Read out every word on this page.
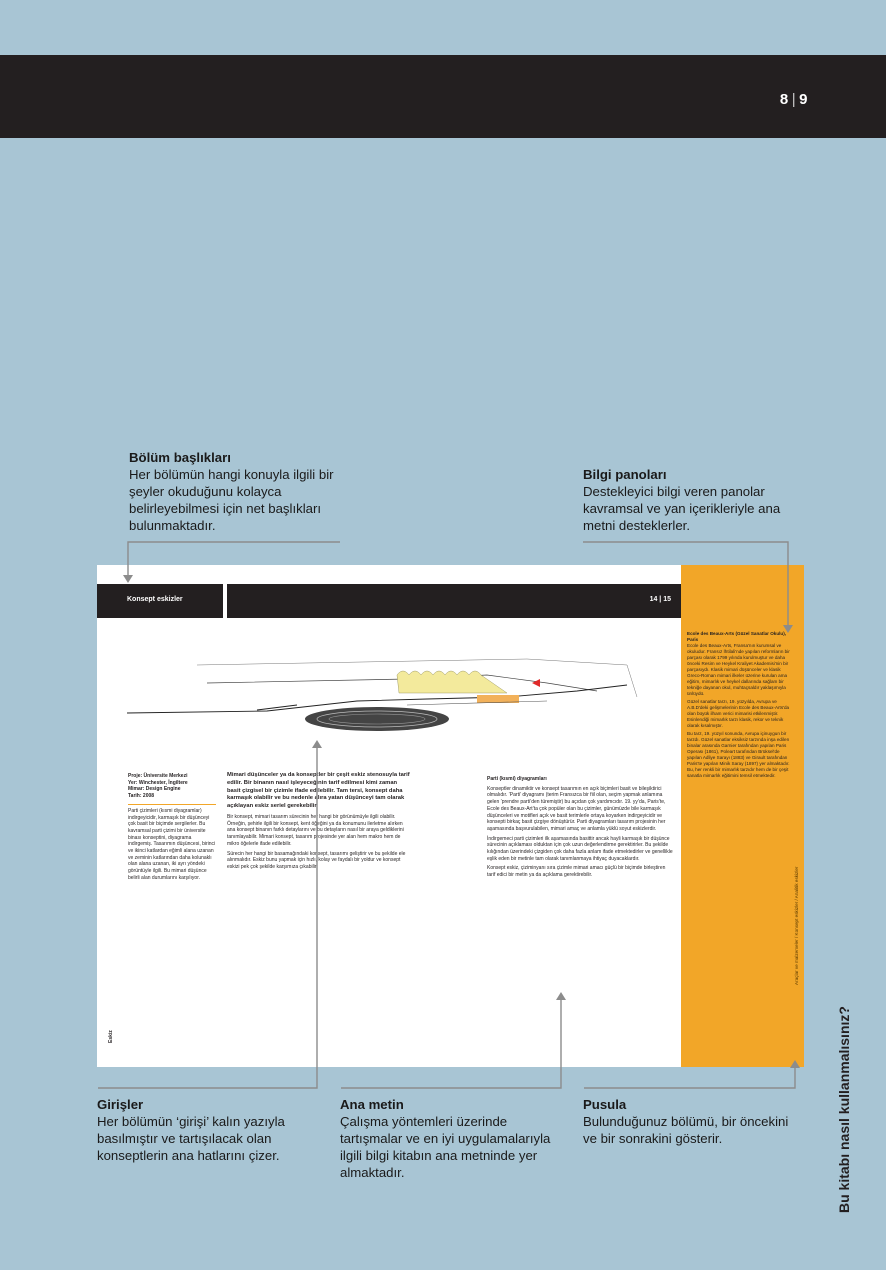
8 | 9
Bölüm başlıkları
Her bölümün hangi konuyla ilgili bir
şeyler okuduğunu kolayca
belirleyebilmesi için net başlıkları
bulunmaktadır.
Bilgi panoları
Destekleyici bilgi veren panolar
kavramsal ve yan içerikleriyle ana
metni desteklerler.
Girişler
Her bölümün ‘girişi’ kalın yazıyla
basılmıştır ve tartışılacak olan
konseptlerin ana hatlarını çizer.
Ana metin
Çalışma yöntemleri üzerinde
tartışmalar ve en iyi uygulamalarıyla
ilgili bilgi kitabın ana metninde yer
almaktadır.
Pusula
Bulunduğunuz bölümü, bir öncekini
ve bir sonrakini gösterir.	Bu kitabı nasıl kullanmalısınız?
Konsept eskizler	14 | 15
Proje: Üniversite Merkezi
Yer: Winchester, İngiltere
Mimar: Design Engine
Tarih: 2008
Parti çizimleri (kısmi diyagramlar) indirgeyicidir, karmaşık bir düşünceyi çok basit bir biçimde sergilerler. Bu kavramsal parti çizimi bir üniversite binası konseptini, diyagrama indirgemiş. Tasarımın düşüncesi, birinci ve ikinci katlardan eğimli alana uzanan ve zeminin katlarından daha kolunaklı olan alana uzanan, iki ayrı yöndeki görüntüyle ilgili. Bu mimari düşünce belirli alan durumlarını karşılıyor.

Mimari düşünceler ya da konseptler bir çeşit eskiz stenosuyla tarif edilir. Bir binanın nasıl işleyeceğinin tarif edilmesi kimi zaman basit çizgisel bir çizimle ifade edilebilir. Tam tersi, konsept daha karmaşık olabilir ve bu nedenle alıra yatan düşünceyi tam olarak açıklayan eskiz seriel gerekebilir.

Bir konsept, mimari tasarım sürecinin her hangi bir görünümüyle ilgili olabilir. Örneğin, şehirle ilgili bir konsept, kent öğeğini ya da konumunu ilerletme alırken ana konsept binanın farklı detaylarını ve bu detayların nasıl bir araya geldiklerini tanımlayabilir. Mimari konsept, tasarım projesinde yer alan hem makro hem de mikro öğelerle ifade edilebilir.

Sürecin her hangi bir basamağındaki konsept, tasarımı geliştirir ve bu şekilde ele alınmalıdır. Eskiz bunu yapmak için hızlı, kolay ve faydalı bir yoldur ve konsept eskizi pek çok şekilde karşımıza çıkabilir.

Parti (kısmi) diyagramları

Konseptler dinamiktir ve konsept tasarımın en açık biçimleri basit ve bileşiktirici olmalıdır. ‘Parti’ diyagramı (terim Fransızca bir fiil olan, seçim yapmak anlamına gelen ‘prendre parti’den türemiştir) bu açıdan çok yardımcıdır. 19. yy’da, Paris’te, Ecole des Beaux-Art’ta çok popüler olan bu çizimler, günümüzde bile karmaşık düşünceleri ve motifleri açık ve basit terimlerle ortaya koyarken indirgeyicidir ve konsepti birkaç basit çizgiye dönüştürür. Parti diyagramları tasarım projesinin her aşamasında başvurulabilen, mimari amaç ve anlamla yüklü soyut eskizlerdir.

İndirgemeci parti çizimleri ilk aşamasında basittir ancak hayli karmaşık bir düşünce sürecinin açıklaması olduktan için çok uzun değerlendirme gerektirirler. Bu şekilde kılığından üzerindeki çizgiden çok daha fazla anlam ifade etmektedirler ve genellikle eşlik eden bir metinle tam olarak tanımlanmaya ihtiyaç duyacaklardır.

Konsept eskiz, çiziminyanı sıra çizimle mimari amacı güçlü bir biçimde birleştiren tarif edici bir metin ya da açıklama gerektirebilir.

Eskiz
Ecole des Beaux-Arts (Güzel Sanatlar Okulu), Paris

Ecole des Beaux-Arts, Fransa'nın kurumsal ve okuludur. Fransız İhtilali'nde yapılan reformların bir parçası olarak 1799 yılında kurulmuştur ve daha önceki Resim ve Heykel Kraliyet Akademisi'nin bir parçasıydı. Klasik mimari düşünceler ve klasik Greco-Roman mimari ilkeler üzerine kurulan ama eğitim, mimarlık ve heykel dallarında sağlam bir tekniğe dayanan okul, muhtaçsaldır yaklaşımıyla ünlüydü.

Güzel sanatlar tarzı, 19. yüzyılda, Avrupa ve A.B.D'deki gelişmelerinin Ecole des Beaux-Arts'da olan büyük ilham verici mimarisi etkilenmiştir. Esinlendiği mimarlık tarzı klasik, rekor ve teknik olarak kısalmıştır.

Bu tarz, 19. yüzyıl sonunda, Avrupa içinuygun bir tarzdı. Güzel sanatlar eksiksiz tarzında inşa edilen binalar arasında Garnier tarafından yapılan Paris Operası (1861), Poleart tarafından Brüksel'de yapılan Adliye Sarayı (1883) ve Girault tarafından Paris'te yapılan Minik Saray (1897) yer almaktadır. Bu, her renkli bir mimarlık tarzıdır hem de bir çeşit sanatla mimarlık eğitimini temsil etmektedir.

Araçlar ve malzemeler / Konsept eskizler / Analitik eskizler
